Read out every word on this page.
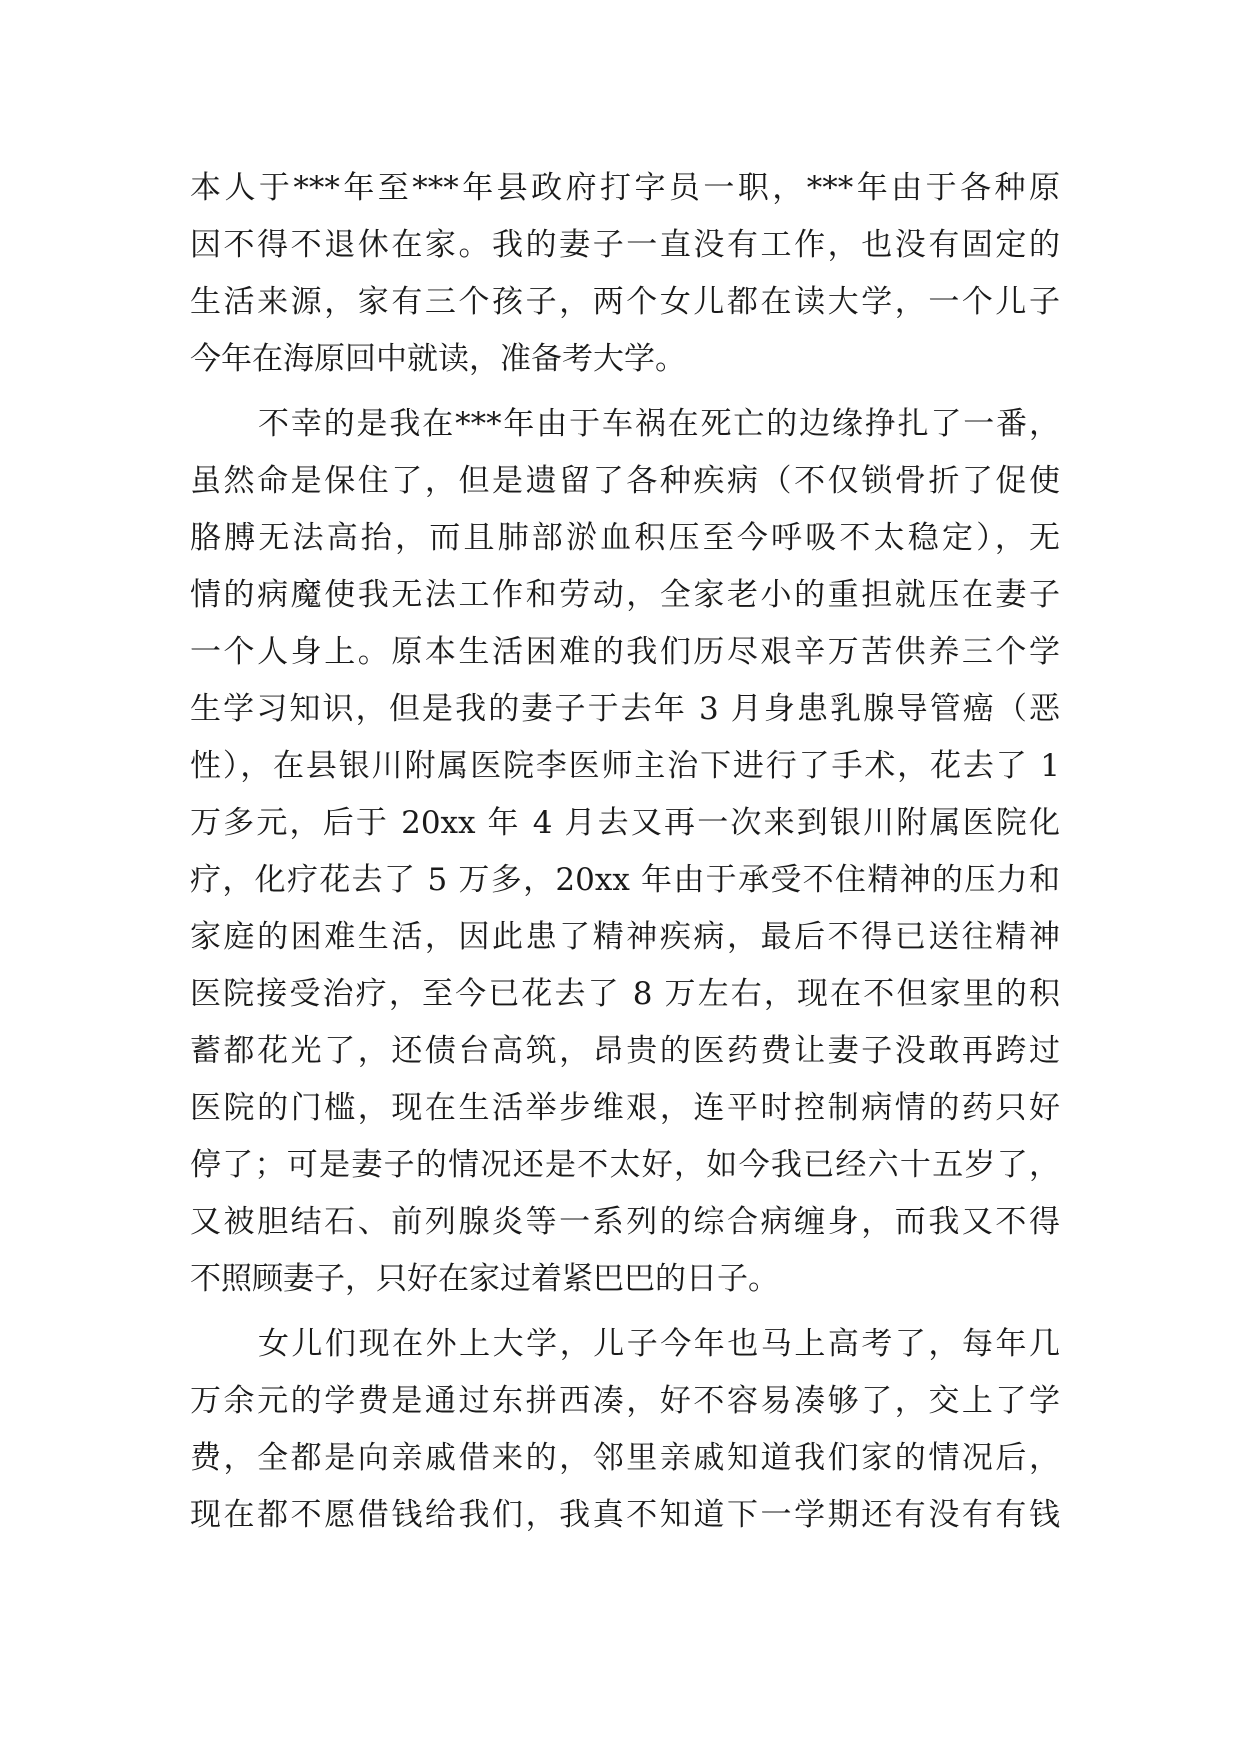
本人于***年至***年县政府打字员一职，***年由于各种原
因不得不退休在家。我的妻子一直没有工作，也没有固定的
生活来源，家有三个孩子，两个女儿都在读大学，一个儿子
今年在海原回中就读，准备考大学。
不幸的是我在***年由于车祸在死亡的边缘挣扎了一番，
虽然命是保住了，但是遗留了各种疾病（不仅锁骨折了促使
胳膊无法高抬，而且肺部淤血积压至今呼吸不太稳定），无
情的病魔使我无法工作和劳动，全家老小的重担就压在妻子
一个人身上。原本生活困难的我们历尽艰辛万苦供养三个学
生学习知识，但是我的妻子于去年 3 月身患乳腺导管癌（恶
性），在县银川附属医院李医师主治下进行了手术，花去了 1
万多元，后于 20xx 年 4 月去又再一次来到银川附属医院化
疗，化疗花去了 5 万多，20xx 年由于承受不住精神的压力和
家庭的困难生活，因此患了精神疾病，最后不得已送往精神
医院接受治疗，至今已花去了 8 万左右，现在不但家里的积
蓄都花光了，还债台高筑，昂贵的医药费让妻子没敢再跨过
医院的门槛，现在生活举步维艰，连平时控制病情的药只好
停了；可是妻子的情况还是不太好，如今我已经六十五岁了，
又被胆结石、前列腺炎等一系列的综合病缠身，而我又不得
不照顾妻子，只好在家过着紧巴巴的日子。
女儿们现在外上大学，儿子今年也马上高考了，每年几
万余元的学费是通过东拼西凑，好不容易凑够了，交上了学
费，全都是向亲戚借来的，邻里亲戚知道我们家的情况后，
现在都不愿借钱给我们，我真不知道下一学期还有没有有钱
